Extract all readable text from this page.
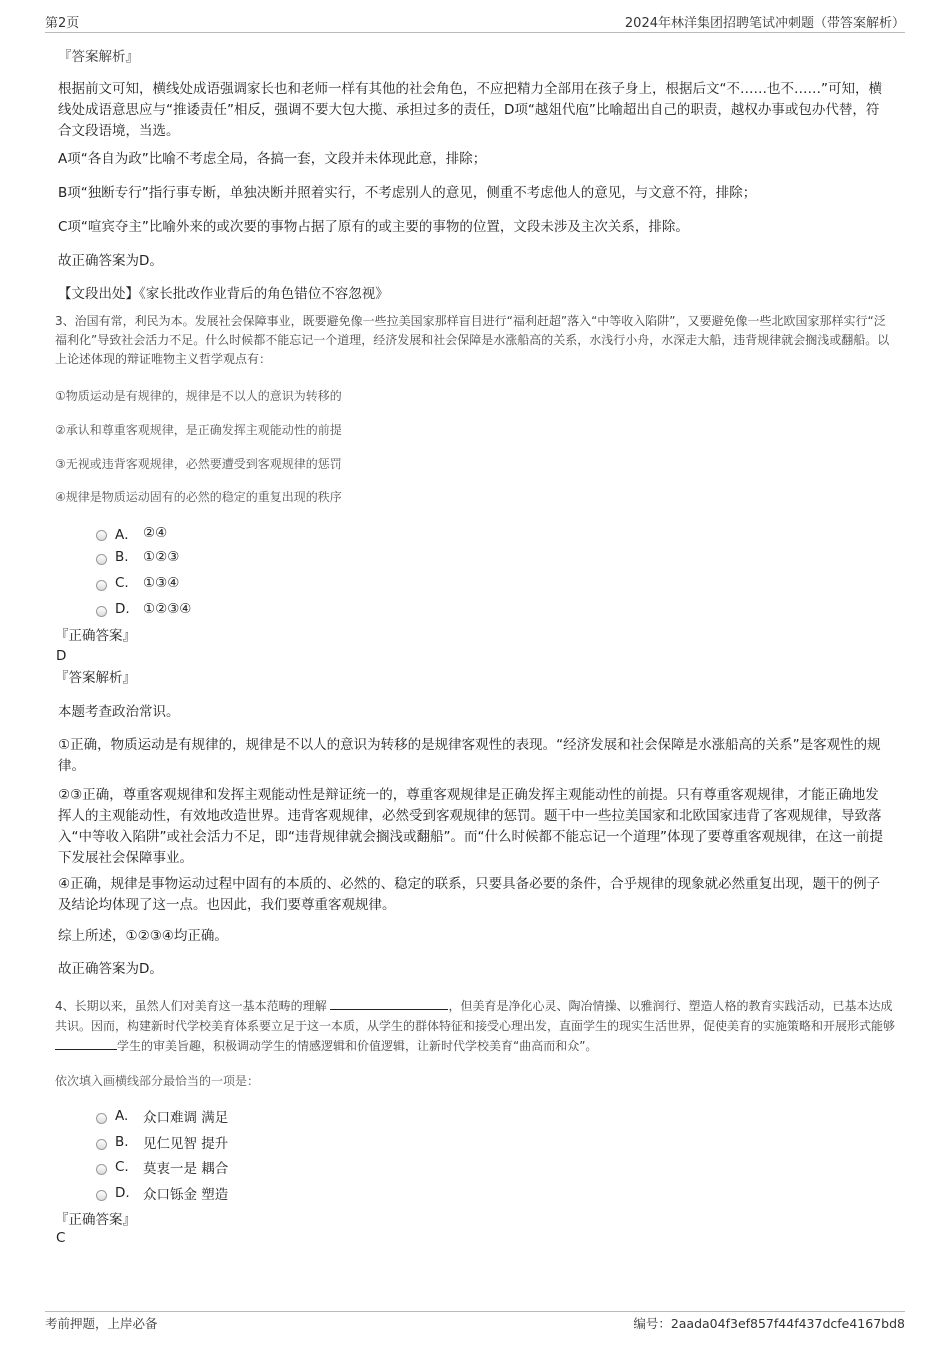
第2页	2024年林洋集团招聘笔试冲刺题（带答案解析）
『答案解析』
根据前文可知，横线处成语强调家长也和老师一样有其他的社会角色，不应把精力全部用在孩子身上，根据后文“不……也不……”可知，横线处成语意思应与“推诿责任”相反，强调不要大包大揽、承担过多的责任，D项“越俎代庖”比喻超出自己的职责，越权办事或包办代替，符合文段语境，当选。
A项“各自为政”比喻不考虑全局，各搞一套，文段并未体现此意，排除；
B项“独断专行”指行事专断，单独决断并照着实行，不考虑别人的意见，侧重不考虑他人的意见，与文意不符，排除；
C项“喧宾夺主”比喻外来的或次要的事物占据了原有的或主要的事物的位置，文段未涉及主次关系，排除。
故正确答案为D。
【文段出处】《家长批改作业背后的角色错位不容忽视》
3、治国有常，利民为本。发展社会保障事业，既要避免像一些拉美国家那样盲目进行“福利赶超”落入“中等收入陷阱”，又要避免像一些北欧国家那样实行“泛福利化”导致社会活力不足。什么时候都不能忘记一个道理，经济发展和社会保障是水涨船高的关系，水浅行小舟，水深走大船，违背规律就会搁浅或翻船。以上论述体现的辩证唯物主义哲学观点有：
①物质运动是有规律的，规律是不以人的意识为转移的
②承认和尊重客观规律，是正确发挥主观能动性的前提
③无视或违背客观规律，必然要遭受到客观规律的惩罚
④规律是物质运动固有的必然的稳定的重复出现的秩序
A． ②④
B.	①②③
C.	①③④
D. ①②③④
『正确答案』
D
『答案解析』
本题考查政治常识。
①正确，物质运动是有规律的，规律是不以人的意识为转移的是规律客观性的表现。“经济发展和社会保障是水涨船高的关系”是客观性的规律。
②③正确，尊重客观规律和发挥主观能动性是辩证统一的，尊重客观规律是正确发挥主观能动性的前提。只有尊重客观规律，才能正确地发挥人的主观能动性，有效地改造世界。违背客观规律，必然受到客观规律的惩罚。题干中一些拉美国家和北欧国家违背了客观规律，导致落入“中等收入陷阱”或社会活力不足，即“违背规律就会搁浅或翻船”。而“什么时候都不能忘记一个道理”体现了要尊重客观规律，在这一前提下发展社会保障事业。
④正确，规律是事物运动过程中固有的本质的、必然的、稳定的联系，只要具备必要的条件，合乎规律的现象就必然重复出现，题干的例子及结论均体现了这一点。也因此，我们要尊重客观规律。
综上所述，①②③④均正确。
故正确答案为D。
4、长期以来，虽然人们对美育这一基本范畴的理解	，但美育是净化心灵、陶冶情操、以雅润行、塑造人格的教育实践活动，已基本达成共识。因而，构建新时代学校美育体系要立足于这一本质，从学生的群体特征和接受心理出发，直面学生的现实生活世界，促使美育的实施策略和开展形式能够 学生的审美旨趣，积极调动学生的情感逻辑和价值逻辑，让新时代学校美育“曲高而和众”。
依次填入画横线部分最恰当的一项是：
A.	众口难调 满足
B.	见仁见智 提升
C.	莫衷一是 耦合
D. 众口铄金 塑造
『正确答案』
C
考前押题，上岸必备	编号：2aada04f3ef857f44f437dcfe4167bd8
